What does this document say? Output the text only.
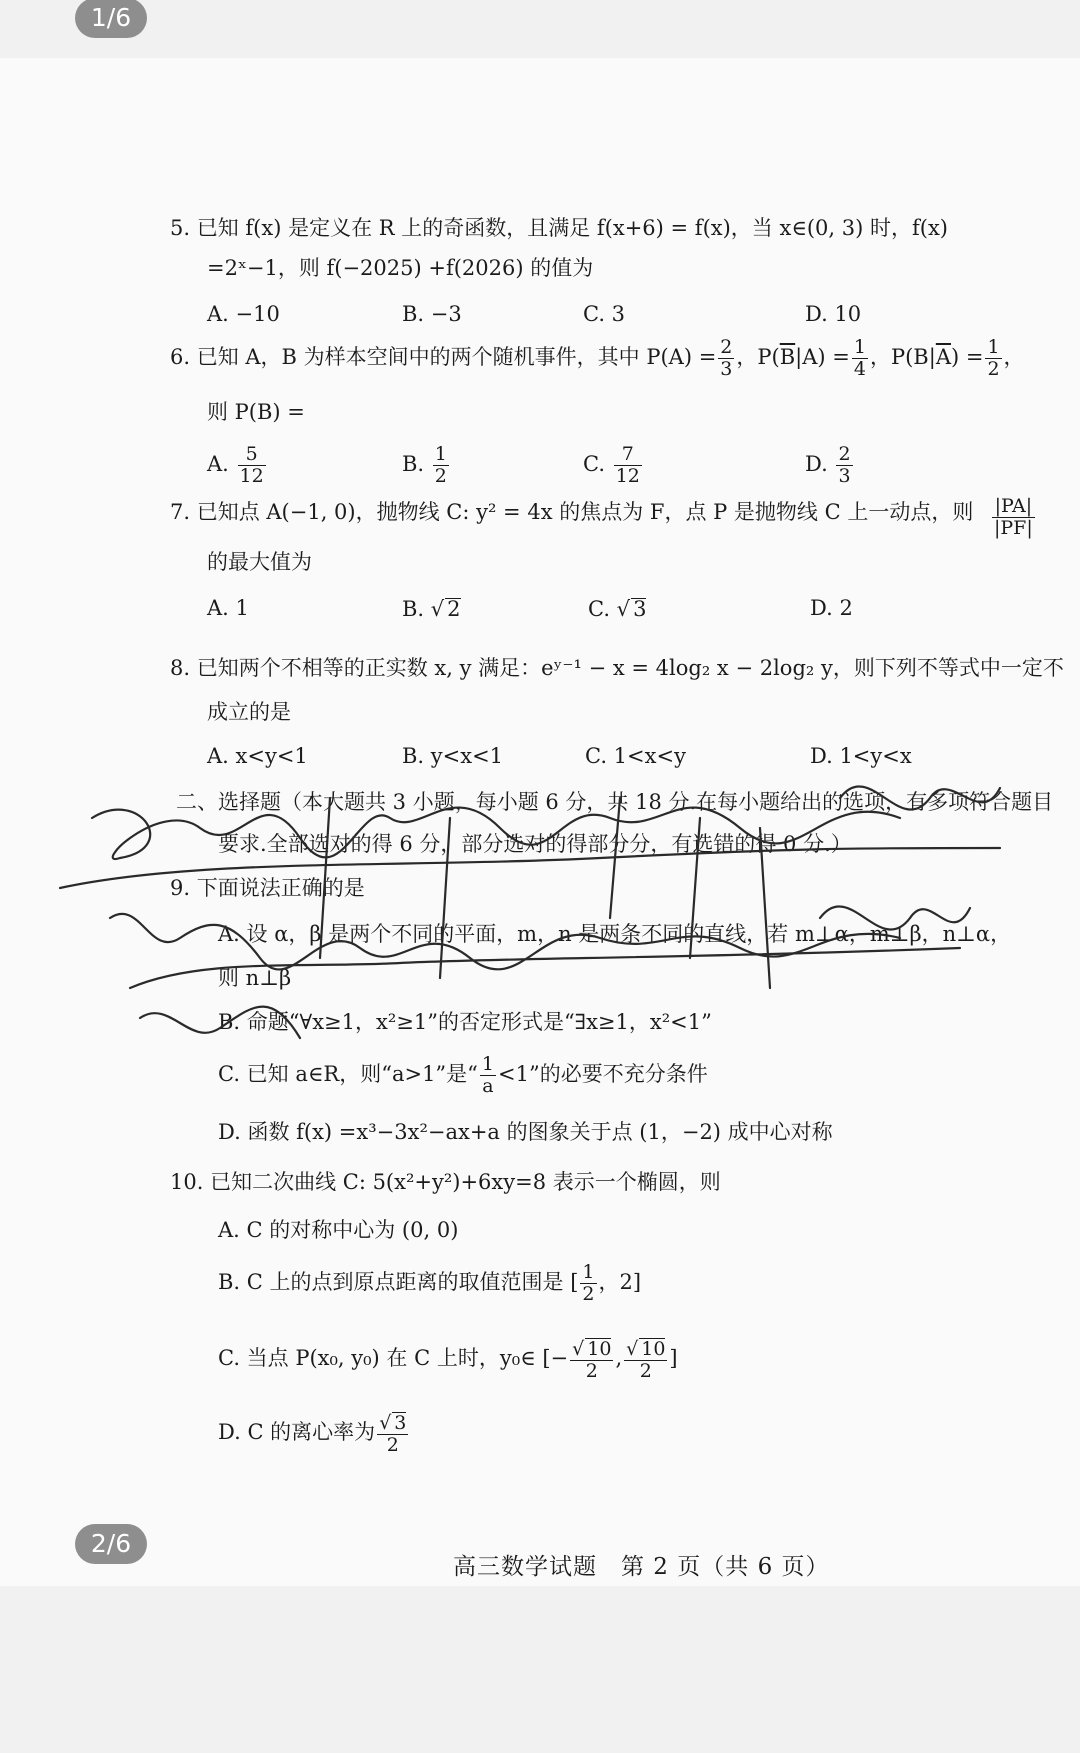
1/6
5. 已知 f(x) 是定义在 R 上的奇函数，且满足 f(x+6) = f(x)，当 x∈(0, 3) 时，f(x)
=2ˣ−1，则 f(−2025) +f(2026) 的值为
A. −10	B. −3	C. 3	D. 10
6. 已知 A，B 为样本空间中的两个随机事件，其中 $P(A) = \frac{2}{3}$ ，$P(\overline{B}|A) = \frac{1}{4}$ ，$P(B|\overline{A}) = \frac{1}{2}$ ，
则 P(B) =
A. $\frac{5}{12}$	B. $\frac{1}{2}$	C. $\frac{7}{12}$	D. $\frac{2}{3}$
7. 已知点 A(−1, 0)，抛物线 C: y² = 4x 的焦点为 F，点 P 是抛物线 C 上一动点，则 $\frac{|PA|}{|PF|}$
的最大值为
A. 1	B. √ 2	C. √ 3	D. 2
8. 已知两个不相等的正实数 x, y 满足：eʸ⁻¹ − x = 4log₂ x − 2log₂ y，则下列不等式中一定不
成立的是
A. x<y<1	B. y<x<1	C. 1<x<y	D. 1<y<x
二、选择题（本大题共 3 小题，每小题 6 分，共 18 分.在每小题给出的选项，有多项符合题目
要求.全部选对的得 6 分，部分选对的得部分分，有选错的得 0 分.）
9. 下面说法正确的是
A. 设 α，β 是两个不同的平面，m，n 是两条不同的直线，若 m⊥α，m⊥β，n⊥α，
则 n⊥β
B. 命题“∀x≥1，x²≥1”的否定形式是“∃x≥1，x²<1”
C. 已知 a∈R，则“a>1”是“ $\frac{1}{a} <1$”的必要不充分条件
D. 函数 f(x) =x³−3x²−ax+a 的图象关于点 (1，−2) 成中心对称
10. 已知二次曲线 C: 5(x²+y²)+6xy=8 表示一个椭圆，则
A. C 的对称中心为 (0, 0)
B. C 上的点到原点距离的取值范围是 [ $\frac{1}{2}$ ，2]
C. 当点 P(x₀, y₀) 在 C 上时，y₀∈ [− $\frac{√ 10}{2}$ , $\frac{√ 10}{2}$ ]
D. C 的离心率为 $\frac{√ 3}{2}$
高三数学试题　第 2 页（共 6 页）
2/6
